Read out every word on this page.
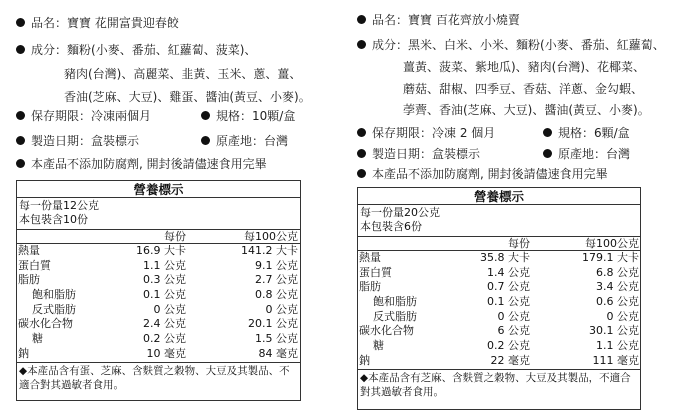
品名：寶寶 花開富貴迎春餃
成分：麵粉(小麥、番茄、紅蘿蔔、菠菜)、
豬肉(台灣)、高麗菜、韭黃、玉米、蔥、薑、
香油(芝麻、大豆)、雞蛋、醬油(黃豆、小麥)。
保存期限：冷凍兩個月	規格：10顆/盒
製造日期：盒裝標示	原產地：台灣
本產品不添加防腐劑, 開封後請儘速食用完畢
營養標示
每一份量12公克
本包裝含10份
每份	每100公克
熱量	16.9 大卡	141.2 大卡
蛋白質	1.1 公克	9.1 公克
脂肪	0.3 公克	2.7 公克
飽和脂肪	0.1 公克	0.8 公克
反式脂肪	0 公克	0 公克
碳水化合物	2.4 公克	20.1 公克
糖	0.2 公克	1.5 公克
鈉	10 毫克	84 毫克
◆本產品含有蛋、芝麻、含麩質之穀物、大豆及其製品、不適合對其過敏者食用。
品名：寶寶 百花齊放小燒賣
成分：黑米、白米、小米、麵粉(小麥、番茄、紅蘿蔔、
薑黃、菠菜、紫地瓜)、豬肉(台灣)、花椰菜、
蘑菇、甜椒、四季豆、香菇、洋蔥、金勾蝦、
荸薺、香油(芝麻、大豆)、醬油(黃豆、小麥)。
保存期限：冷凍 2 個月	規格：6顆/盒
製造日期：盒裝標示	原產地：台灣
本產品不添加防腐劑, 開封後請儘速食用完畢
營養標示
每一份量20公克
本包裝含6份
每份	每100公克
熱量	35.8 大卡	179.1 大卡
蛋白質	1.4 公克	6.8 公克
脂肪	0.7 公克	3.4 公克
飽和脂肪	0.1 公克	0.6 公克
反式脂肪	0 公克	0 公克
碳水化合物	6 公克	30.1 公克
糖	0.2 公克	1.1 公克
鈉	22 毫克	111 毫克
◆本產品含有芝麻、含麩質之穀物、大豆及其製品，不適合對其過敏者食用。
